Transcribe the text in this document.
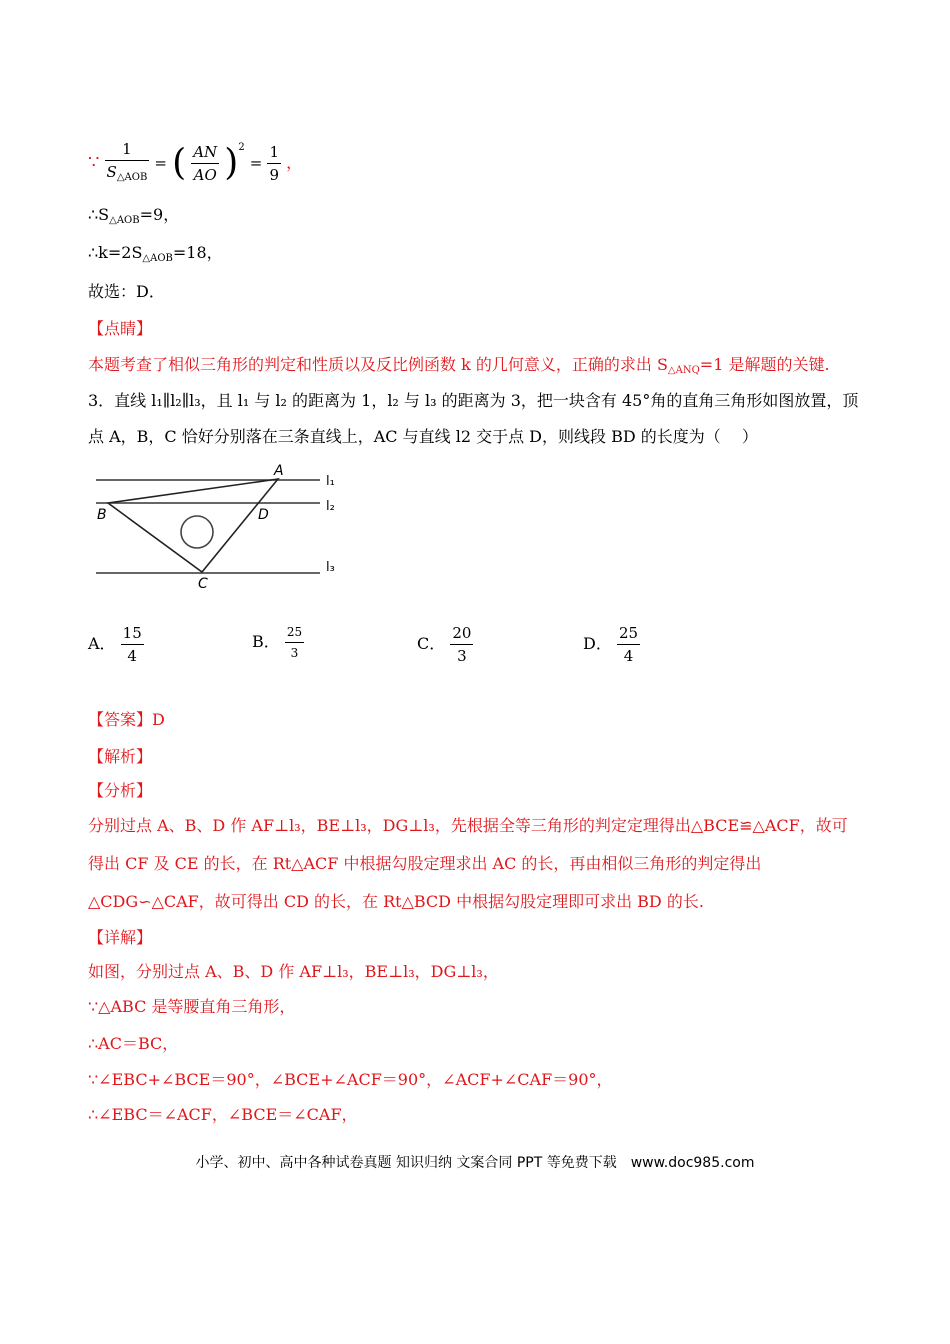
∵ $\frac{1}{S_{\triangle AOB}}$ = ( $\frac{AN}{AO} )^2 = \frac{1}{9}$ ，
$\therefore S_{\triangle AOB}=9$，
$\therefore k=2S_{\triangle AOB}=18$，
故选：D．
【点睛】
本题考查了相似三角形的判定和性质以及反比例函数 k 的几何意义，正确的求出 $S_{\triangle ANQ}=1$ 是解题的关键.
3．直线 l₁∥l₂∥l₃，且 l₁ 与 l₂ 的距离为 1，l₂ 与 l₃ 的距离为 3，把一块含有 45°角的直角三角形如图放置，顶
点 A，B，C 恰好分别落在三条直线上，AC 与直线 l2 交于点 D，则线段 BD 的长度为（　 ）
A
B	D
C
l₁
l₂
l₃
A． $\frac{15}{4}$	B． $\frac{25}{3}$	C． $\frac{20}{3}$	D． $\frac{25}{4}$
【答案】D
【解析】
【分析】
分别过点 A、B、D 作 AF⊥l₃，BE⊥l₃，DG⊥l₃，先根据全等三角形的判定定理得出△BCE≌△ACF，故可
得出 CF 及 CE 的长，在 Rt△ACF 中根据勾股定理求出 AC 的长，再由相似三角形的判定得出
△CDG∽△CAF，故可得出 CD 的长，在 Rt△BCD 中根据勾股定理即可求出 BD 的长.
【详解】
如图，分别过点 A、B、D 作 AF⊥l₃，BE⊥l₃，DG⊥l₃，
∵△ABC 是等腰直角三角形，
∴AC＝BC，
∵∠EBC+∠BCE＝90°，∠BCE+∠ACF＝90°，∠ACF+∠CAF＝90°，
∴∠EBC＝∠ACF，∠BCE＝∠CAF，
小学、初中、高中各种试卷真题 知识归纳 文案合同 PPT 等免费下载　www.doc985.com
